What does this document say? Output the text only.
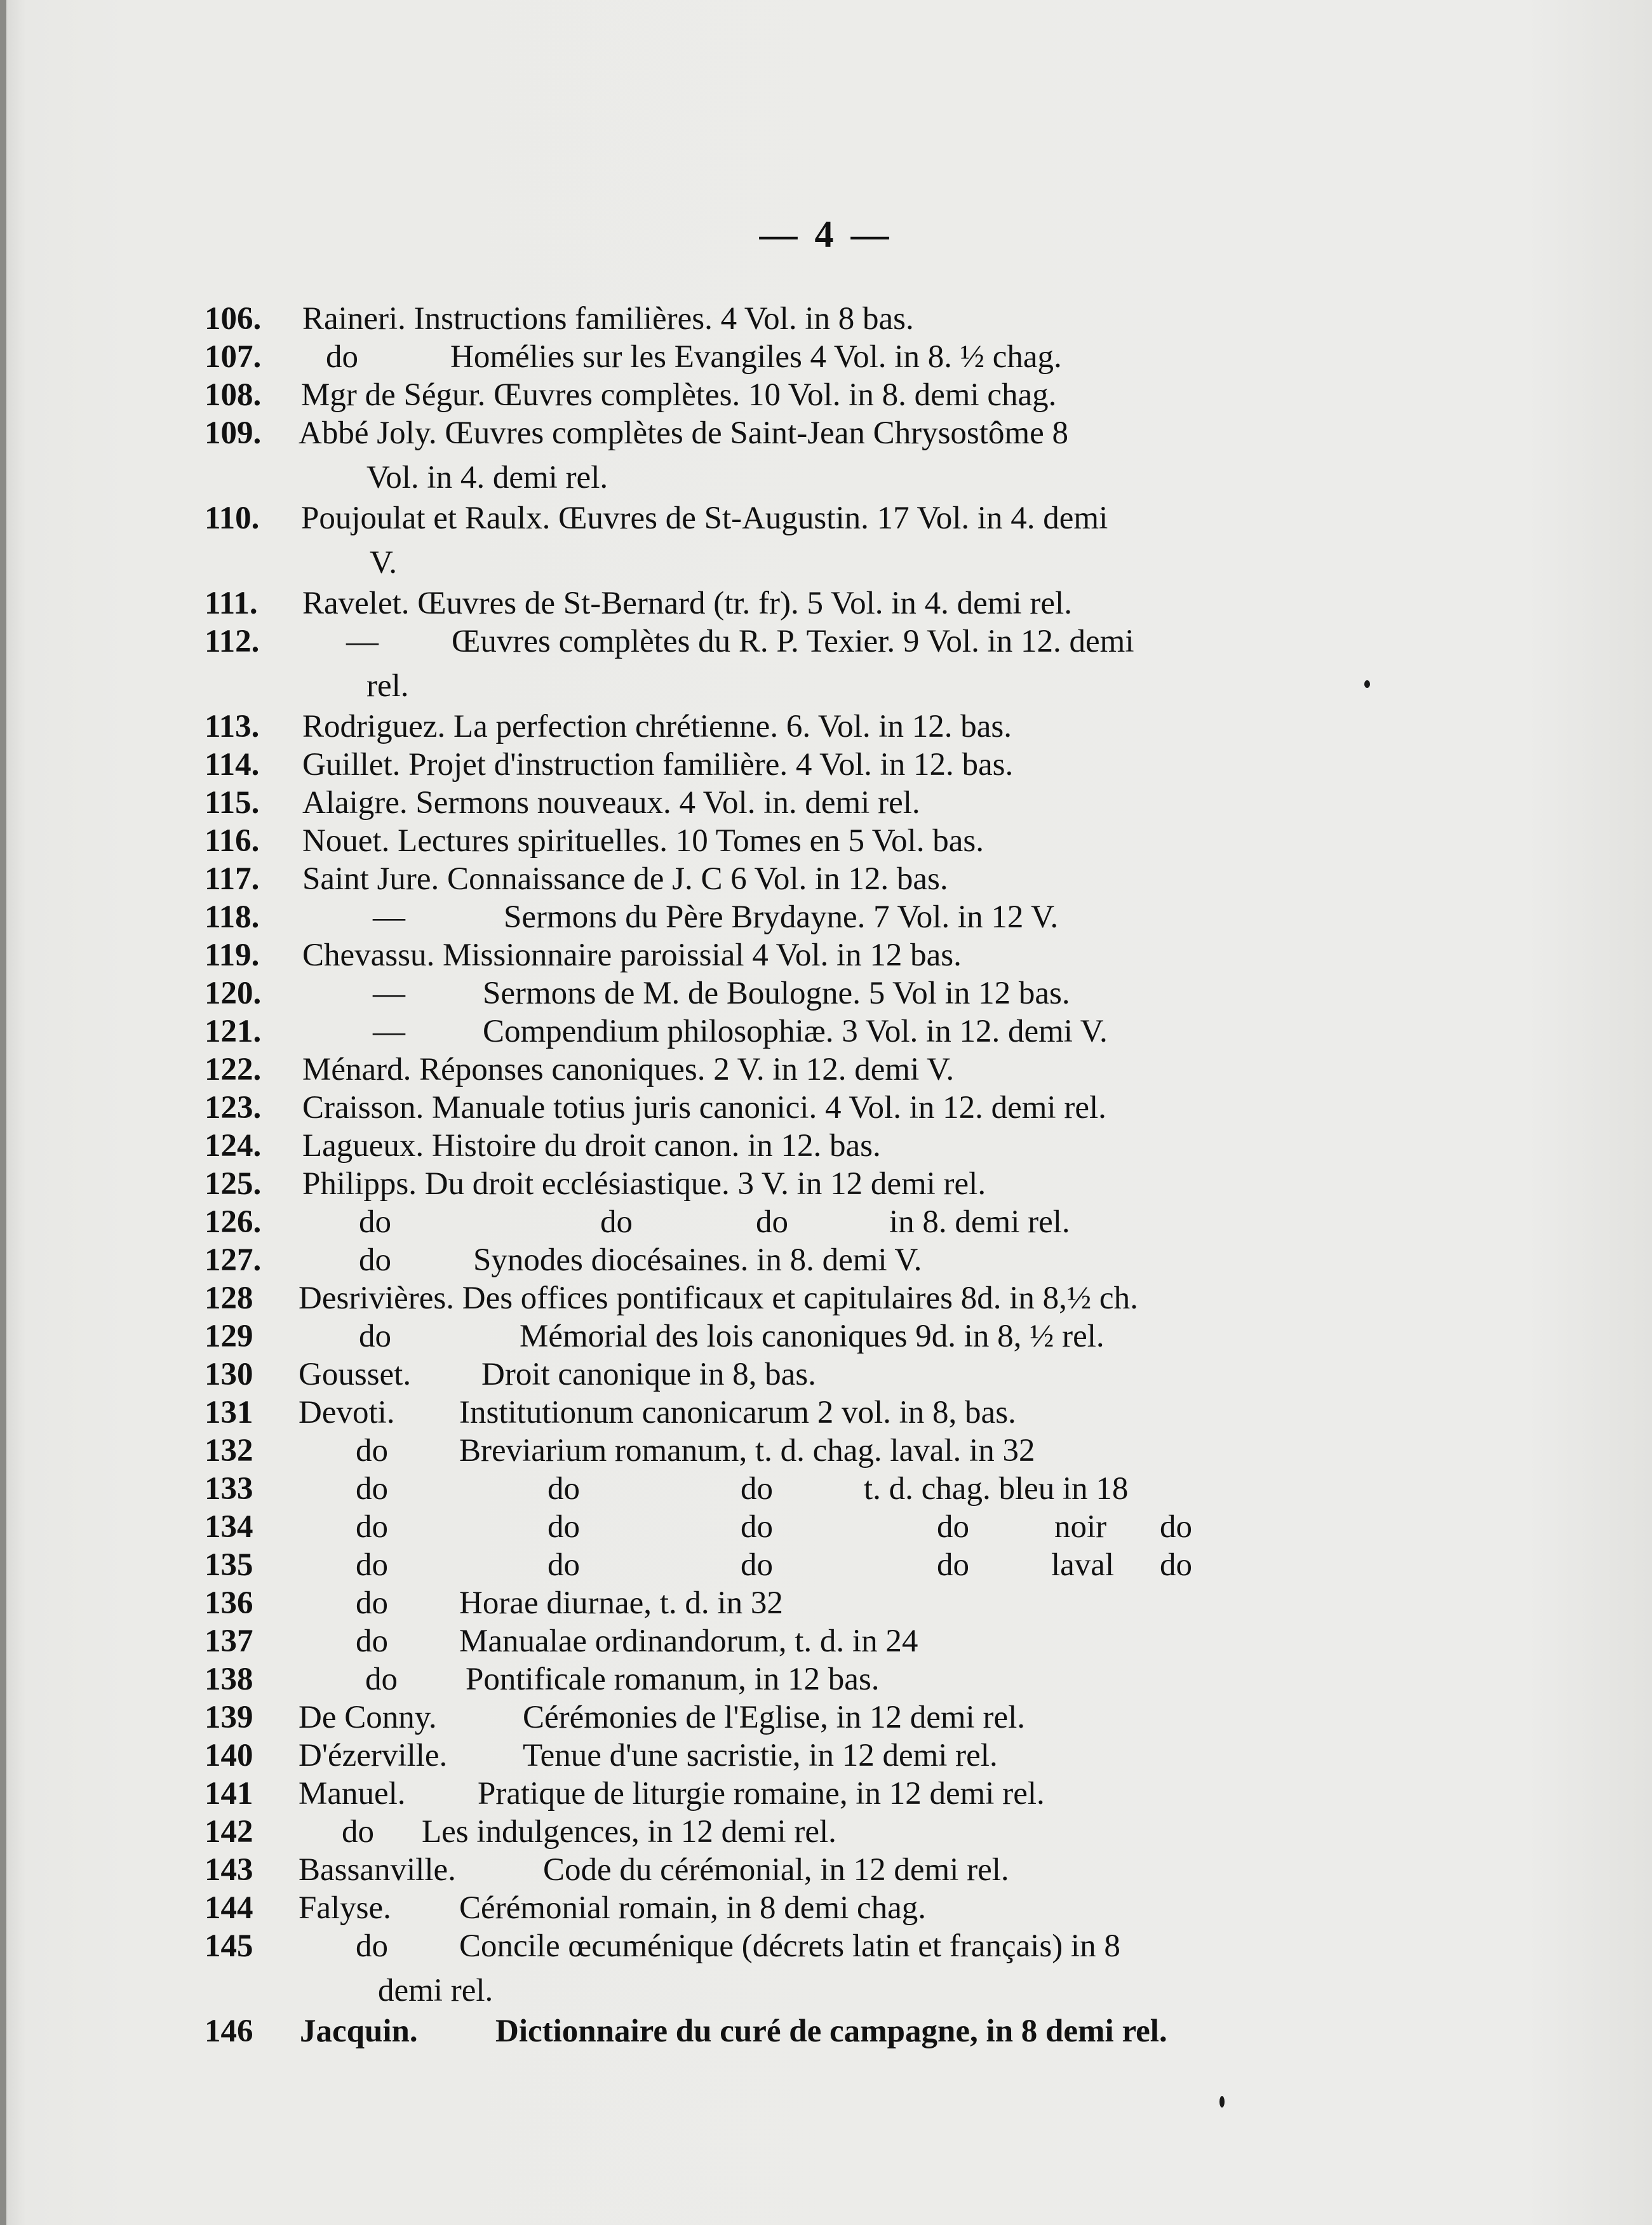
— 4 —
106.	Raineri. Instructions familières. 4 Vol. in 8 bas.
107.	do	Homélies sur les Evangiles 4 Vol. in 8. ½ chag.
108.	Mgr de Ségur. Œuvres complètes. 10 Vol. in 8. demi chag.
109.	Abbé Joly. Œuvres complètes de Saint-Jean Chrysostôme 8
Vol. in 4. demi rel.
110.	Poujoulat et Raulx. Œuvres de St-Augustin. 17 Vol. in 4. demi
V.
111.	Ravelet. Œuvres de St-Bernard (tr. fr). 5 Vol. in 4. demi rel.
112.	— Œuvres complètes du R. P. Texier. 9 Vol. in 12. demi
rel.
113.	Rodriguez. La perfection chrétienne. 6. Vol. in 12. bas.
114.	Guillet. Projet d'instruction familière. 4 Vol. in 12. bas.
115.	Alaigre. Sermons nouveaux. 4 Vol. in. demi rel.
116.	Nouet. Lectures spirituelles. 10 Tomes en 5 Vol. bas.
117.	Saint Jure. Connaissance de J. C 6 Vol. in 12. bas.
118.	—	Sermons du Père Brydayne. 7 Vol. in 12 V.
119.	Chevassu. Missionnaire paroissial 4 Vol. in 12 bas.
120.	— Sermons de M. de Boulogne. 5 Vol in 12 bas.
121.	— Compendium philosophiæ. 3 Vol. in 12. demi V.
122.	Ménard. Réponses canoniques. 2 V. in 12. demi V.
123.	Craisson. Manuale totius juris canonici. 4 Vol. in 12. demi rel.
124.	Lagueux. Histoire du droit canon. in 12. bas.
125.	Philipps. Du droit ecclésiastique. 3 V. in 12 demi rel.
126.	do	do	do	in 8. demi rel.
127.	do	Synodes diocésaines. in 8. demi V.
128	Desrivières. Des offices pontificaux et capitulaires 8d. in 8,½ ch.
129	do	Mémorial des lois canoniques 9d. in 8, ½ rel.
130	Gousset. Droit canonique in 8, bas.
131	Devoti. Institutionum canonicarum 2 vol. in 8, bas.
132	do Breviarium romanum, t. d. chag. laval. in 32
133	do	do	do	t. d. chag. bleu in 18
134	do	do	do	do	noir do
135	do	do	do	do	laval do
136	do Horae diurnae, t. d. in 32
137	do Manualae ordinandorum, t. d. in 24
138	do Pontificale romanum, in 12 bas.
139	De Conny.	Cérémonies de l'Eglise, in 12 demi rel.
140	D'ézerville. Tenue d'une sacristie, in 12 demi rel.
141	Manuel. Pratique de liturgie romaine, in 12 demi rel.
142	do Les indulgences, in 12 demi rel.
143	Bassanville.	Code du cérémonial, in 12 demi rel.
144	Falyse. Cérémonial romain, in 8 demi chag.
145	do Concile œcuménique (décrets latin et français) in 8
demi rel.
146	Jacquin. Dictionnaire du curé de campagne, in 8 demi rel.
